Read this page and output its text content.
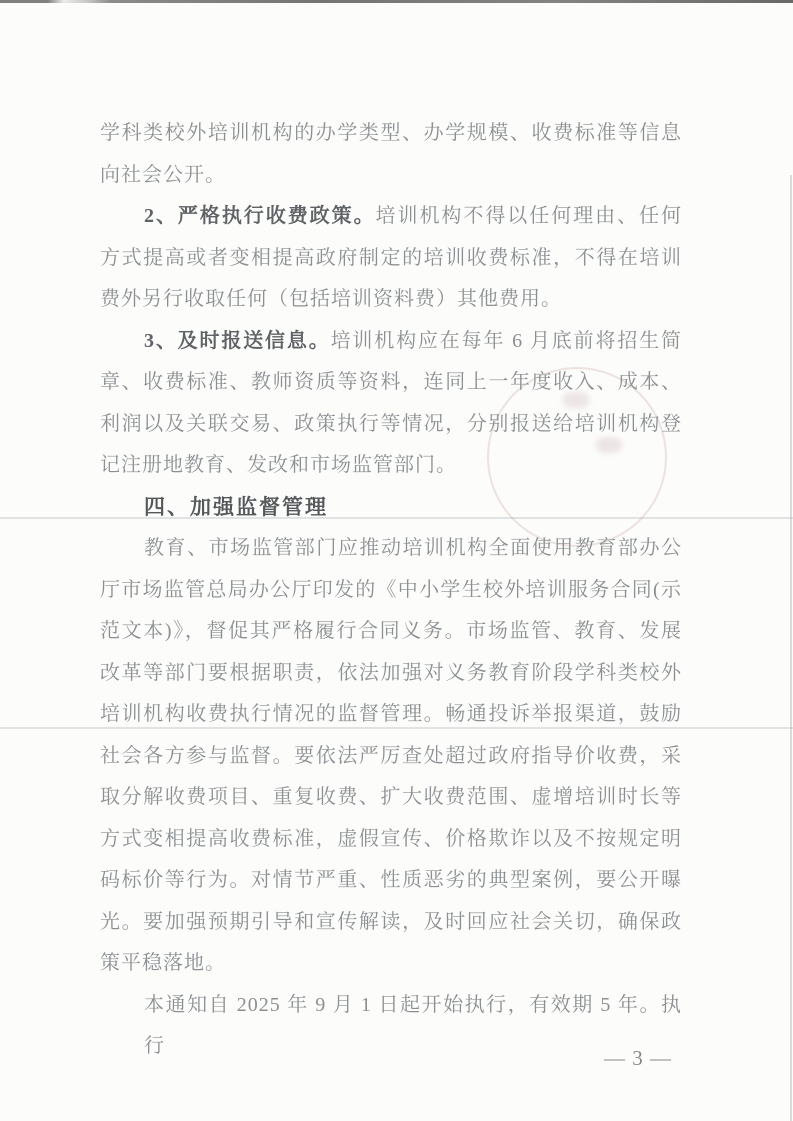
学科类校外培训机构的办学类型、办学规模、收费标准等信息
向社会公开。
2、严格执行收费政策。培训机构不得以任何理由、任何
方式提高或者变相提高政府制定的培训收费标准，不得在培训
费外另行收取任何（包括培训资料费）其他费用。
3、及时报送信息。培训机构应在每年 6 月底前将招生简
章、收费标准、教师资质等资料，连同上一年度收入、成本、
利润以及关联交易、政策执行等情况，分别报送给培训机构登
记注册地教育、发改和市场监管部门。
四、加强监督管理
教育、市场监管部门应推动培训机构全面使用教育部办公
厅市场监管总局办公厅印发的《中小学生校外培训服务合同(示
范文本)》，督促其严格履行合同义务。市场监管、教育、发展
改革等部门要根据职责，依法加强对义务教育阶段学科类校外
培训机构收费执行情况的监督管理。畅通投诉举报渠道，鼓励
社会各方参与监督。要依法严厉查处超过政府指导价收费，采
取分解收费项目、重复收费、扩大收费范围、虚增培训时长等
方式变相提高收费标准，虚假宣传、价格欺诈以及不按规定明
码标价等行为。对情节严重、性质恶劣的典型案例，要公开曝
光。要加强预期引导和宣传解读，及时回应社会关切，确保政
策平稳落地。
本通知自 2025 年 9 月 1 日起开始执行，有效期 5 年。执行	— 3 —
